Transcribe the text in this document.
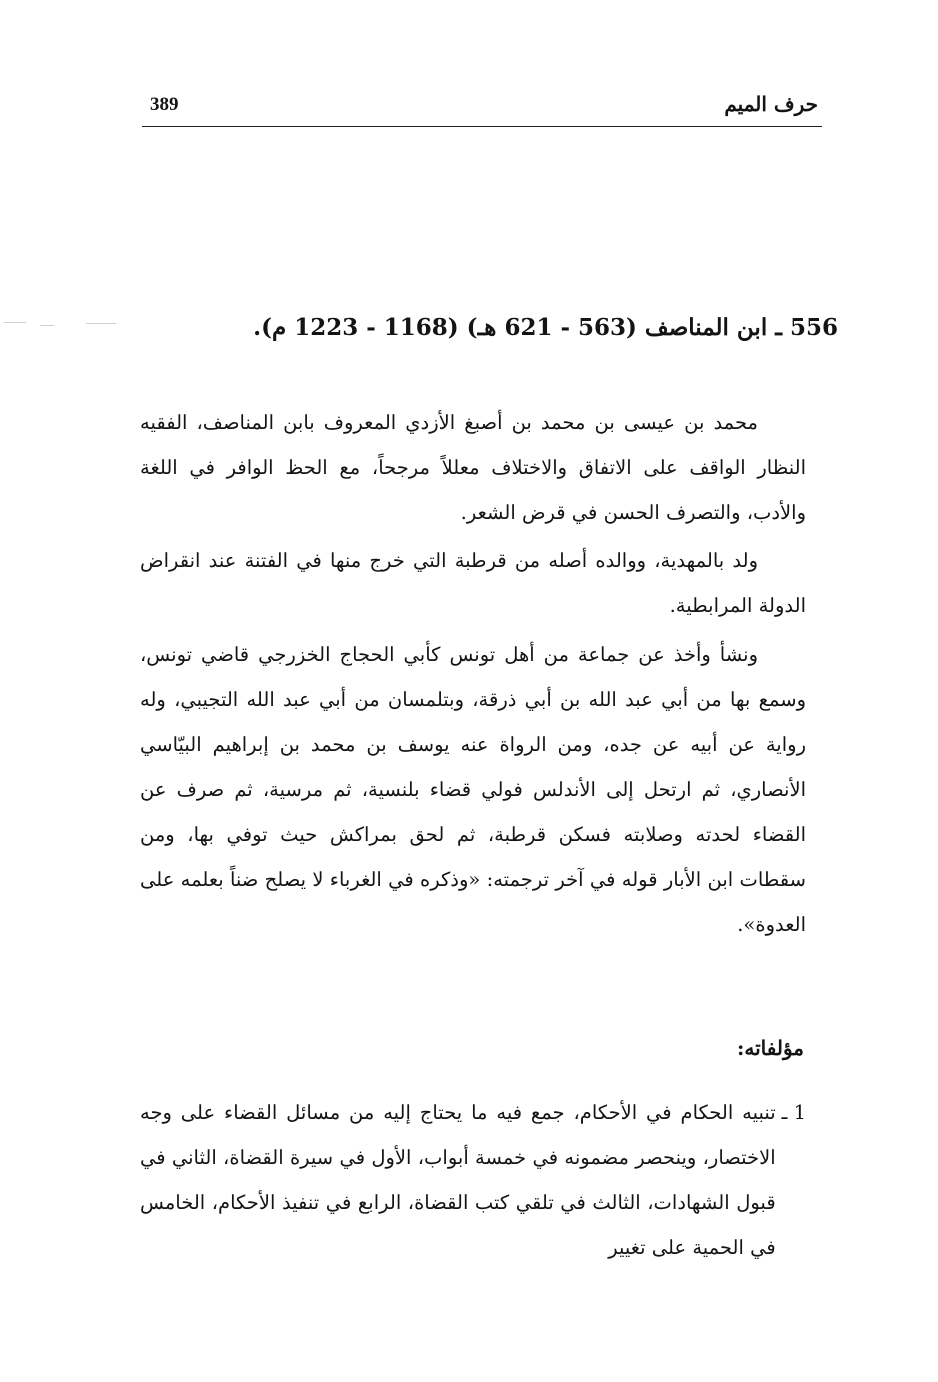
389	حرف الميم
556 ـ ابن المناصف (563 - 621 هـ) (1168 - 1223 م).

محمد بن عيسى بن محمد بن أصبغ الأزدي المعروف بابن المناصف، الفقيه النظار الواقف على الاتفاق والاختلاف معللاً مرجحاً، مع الحظ الوافر في اللغة والأدب، والتصرف الحسن في قرض الشعر.

ولد بالمهدية، ووالده أصله من قرطبة التي خرج منها في الفتنة عند انقراض الدولة المرابطية.

ونشأ وأخذ عن جماعة من أهل تونس كأبي الحجاج الخزرجي قاضي تونس، وسمع بها من أبي عبد الله بن أبي ذرقة، وبتلمسان من أبي عبد الله التجيبي، وله رواية عن أبيه عن جده، ومن الرواة عنه يوسف بن محمد بن إبراهيم البيّاسي الأنصاري، ثم ارتحل إلى الأندلس فولي قضاء بلنسية، ثم مرسية، ثم صرف عن القضاء لحدته وصلابته فسكن قرطبة، ثم لحق بمراكش حيث توفي بها، ومن سقطات ابن الأبار قوله في آخر ترجمته: «وذكره في الغرباء لا يصلح ضناً بعلمه على العدوة».

مؤلفاته:
1 ـ
تنبيه الحكام في الأحكام، جمع فيه ما يحتاج إليه من مسائل القضاء على وجه الاختصار، وينحصر مضمونه في خمسة أبواب، الأول في سيرة القضاة، الثاني في قبول الشهادات، الثالث في تلقي كتب القضاة، الرابع في تنفيذ الأحكام، الخامس في الحمية على تغيير
